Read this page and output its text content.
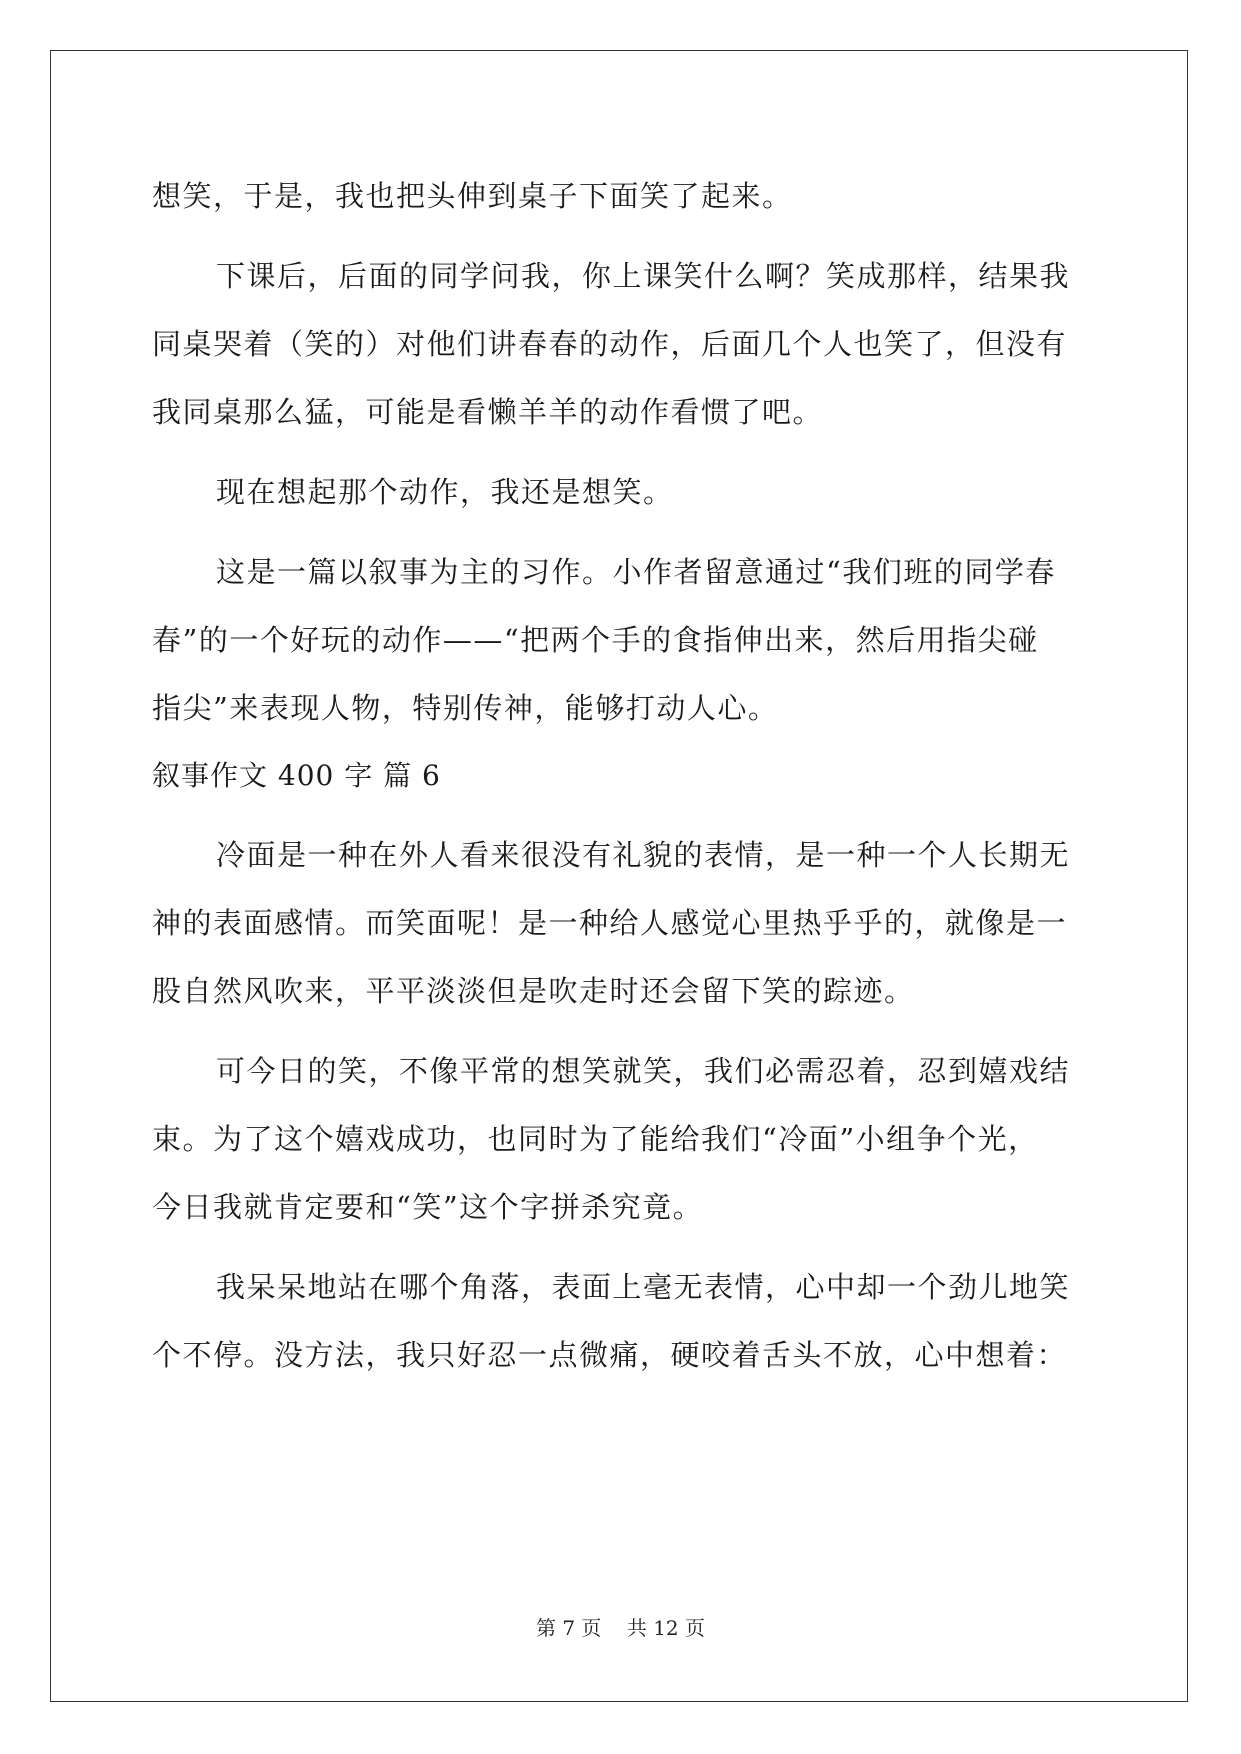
想笑，于是，我也把头伸到桌子下面笑了起来。
下课后，后面的同学问我，你上课笑什么啊？笑成那样，结果我
同桌哭着（笑的）对他们讲春春的动作，后面几个人也笑了，但没有
我同桌那么猛，可能是看懒羊羊的动作看惯了吧。
现在想起那个动作，我还是想笑。
这是一篇以叙事为主的习作。小作者留意通过“我们班的同学春
春”的一个好玩的动作——“把两个手的食指伸出来，然后用指尖碰
指尖”来表现人物，特别传神，能够打动人心。
叙事作文 400 字 篇 6
冷面是一种在外人看来很没有礼貌的表情，是一种一个人长期无
神的表面感情。而笑面呢！是一种给人感觉心里热乎乎的，就像是一
股自然风吹来，平平淡淡但是吹走时还会留下笑的踪迹。
可今日的笑，不像平常的想笑就笑，我们必需忍着，忍到嬉戏结
束。为了这个嬉戏成功，也同时为了能给我们“冷面”小组争个光，
今日我就肯定要和“笑”这个字拼杀究竟。
我呆呆地站在哪个角落，表面上毫无表情，心中却一个劲儿地笑
个不停。没方法，我只好忍一点微痛，硬咬着舌头不放，心中想着：
第 7 页    共 12 页
